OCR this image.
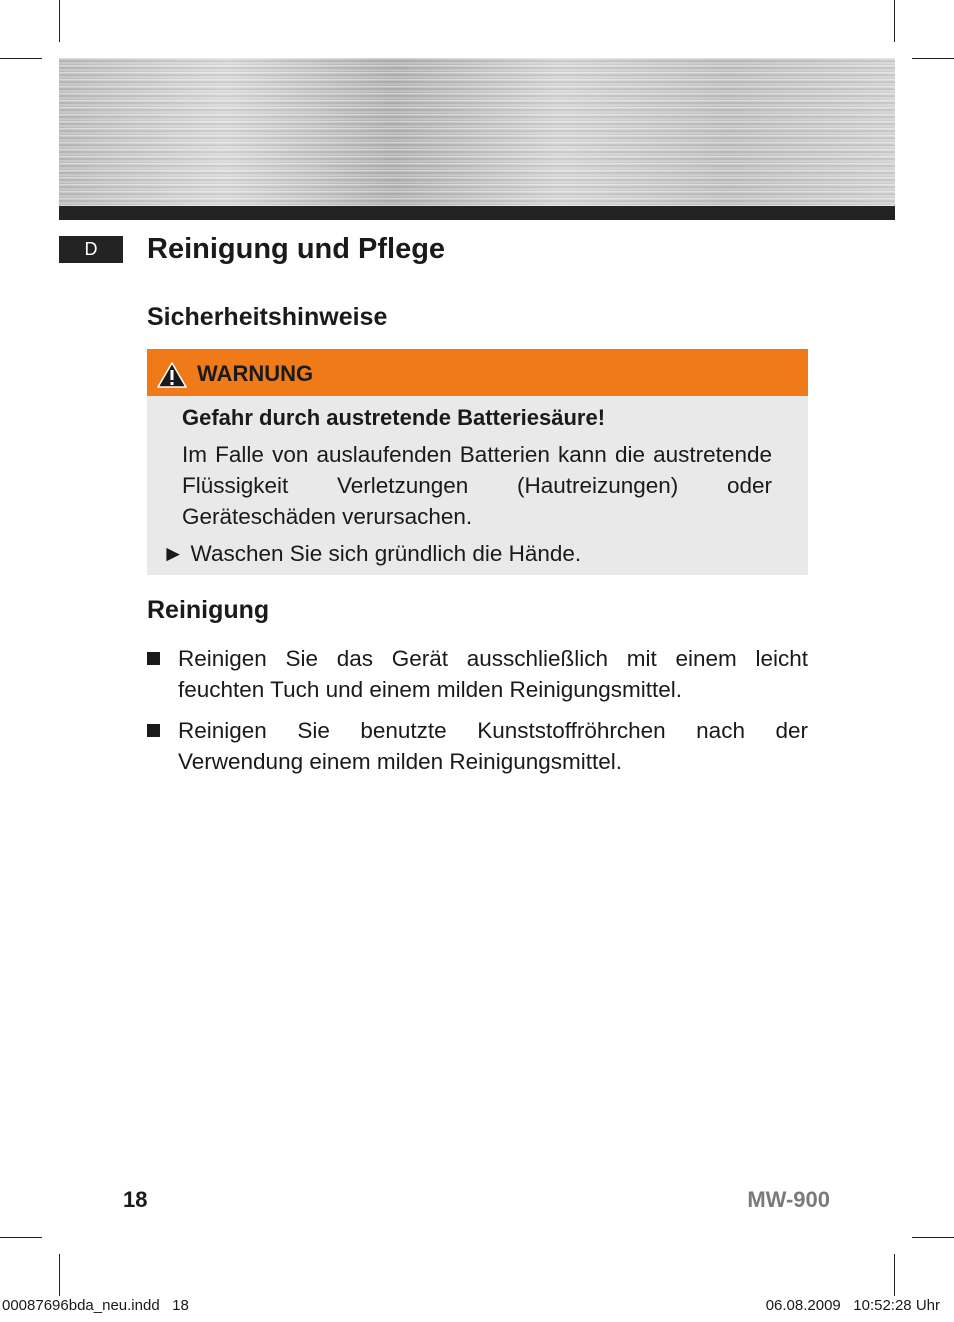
D	Reinigung und Pflege
Sicherheitshinweise
WARNUNG
Gefahr durch austretende Batteriesäure!
Im Falle von auslaufenden Batterien kann die austretende Flüssigkeit Verletzungen (Hautreizungen) oder Geräteschäden verursachen.
► Waschen Sie sich gründlich die Hände.
Reinigung
Reinigen Sie das Gerät ausschließlich mit einem leicht feuchten Tuch und einem milden Reinigungsmittel.
Reinigen Sie benutzte Kunststoffröhrchen nach der Verwendung einem milden Reinigungsmittel.
18	MW-900
00087696bda_neu.indd   18	06.08.2009   10:52:28 Uhr
